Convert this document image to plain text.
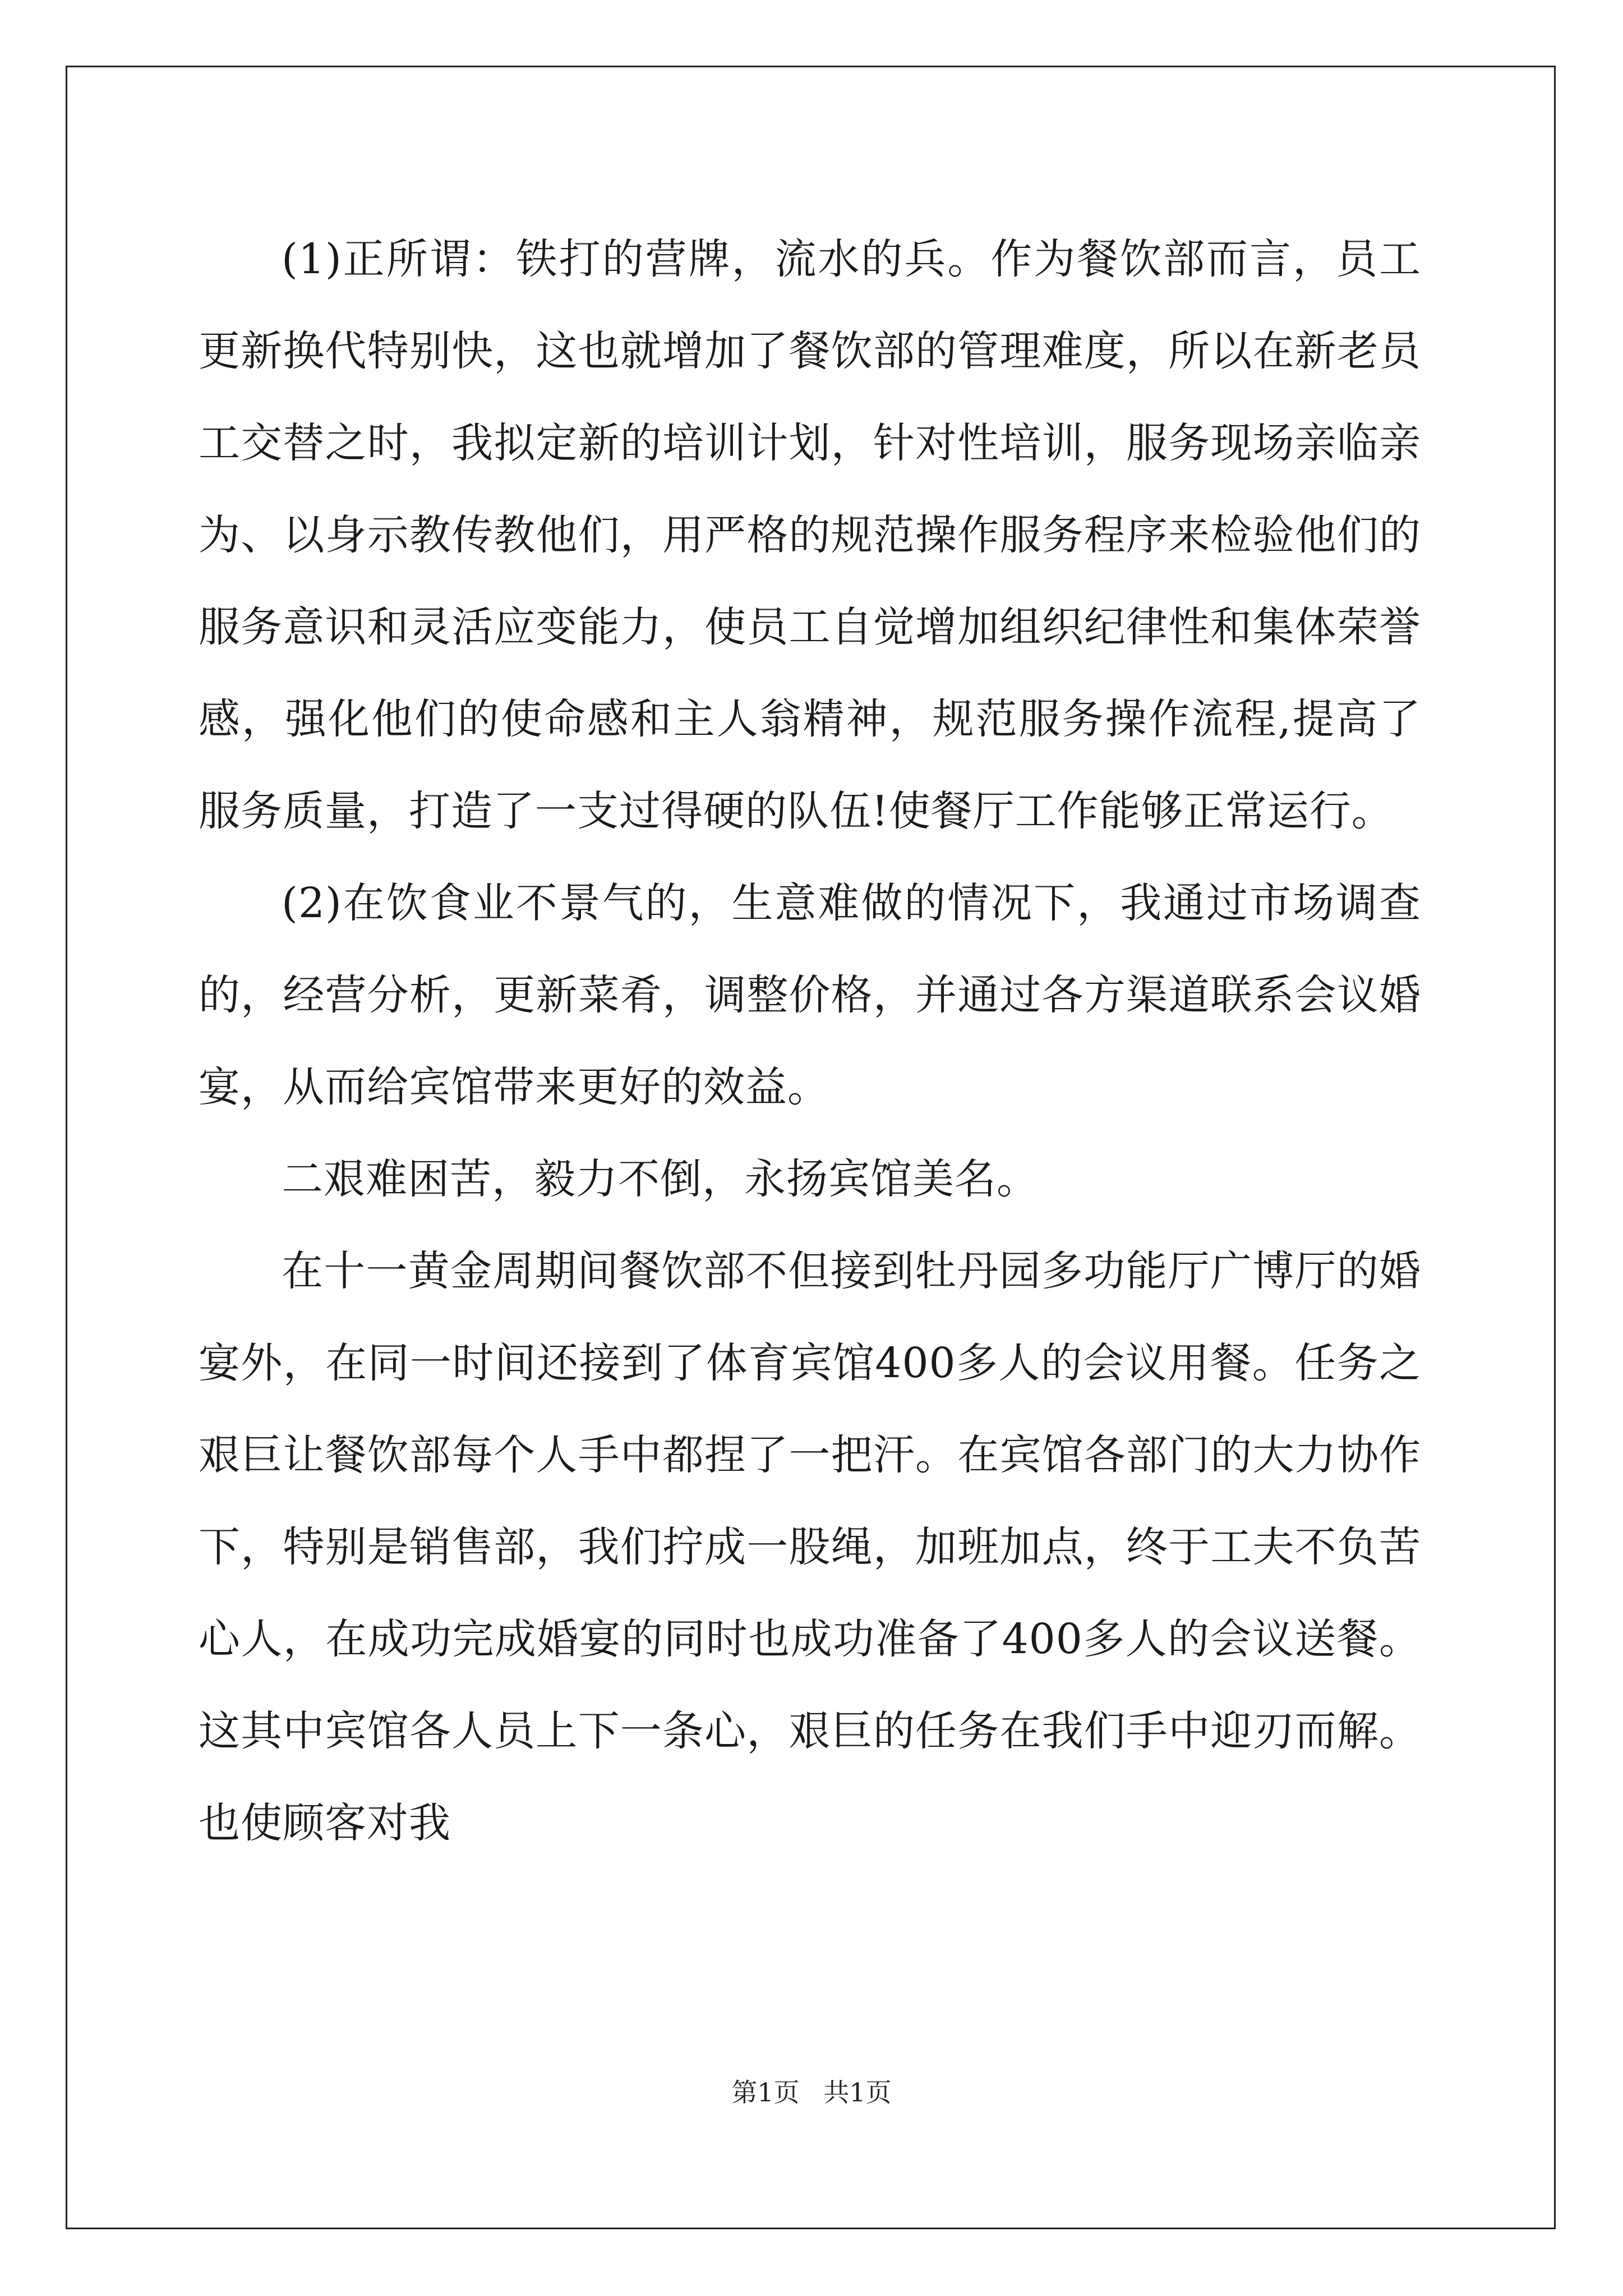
(1)正所谓：铁打的营牌，流水的兵。作为餐饮部而言，员工更新换代特别快，这也就增加了餐饮部的管理难度，所以在新老员工交替之时，我拟定新的培训计划，针对性培训，服务现场亲临亲为、以身示教传教他们，用严格的规范操作服务程序来检验他们的服务意识和灵活应变能力，使员工自觉增加组织纪律性和集体荣誉感，强化他们的使命感和主人翁精神，规范服务操作流程,提高了服务质量，打造了一支过得硬的队伍!使餐厅工作能够正常运行。

(2)在饮食业不景气的，生意难做的情况下，我通过市场调查的，经营分析，更新菜肴，调整价格，并通过各方渠道联系会议婚宴，从而给宾馆带来更好的效益。

二艰难困苦，毅力不倒，永扬宾馆美名。

在十一黄金周期间餐饮部不但接到牡丹园多功能厅广博厅的婚宴外，在同一时间还接到了体育宾馆400多人的会议用餐。任务之艰巨让餐饮部每个人手中都捏了一把汗。在宾馆各部门的大力协作下，特别是销售部，我们拧成一股绳，加班加点，终于工夫不负苦心人，在成功完成婚宴的同时也成功准备了400多人的会议送餐。这其中宾馆各人员上下一条心，艰巨的任务在我们手中迎刃而解。也使顾客对我

第1页 共1页
